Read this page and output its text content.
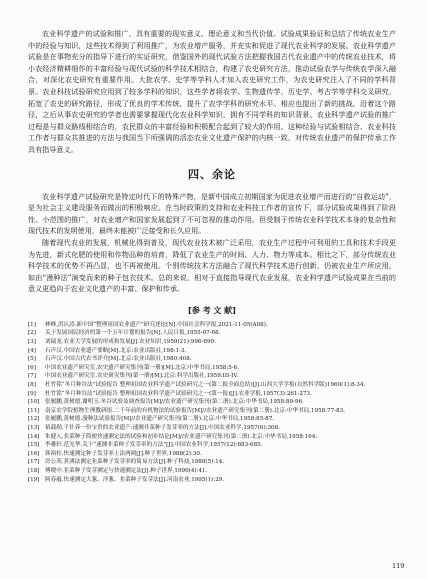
农业科学遗产的试验和推广，具有重要的现实意义、理论意义和当代价值。试验成果验证和总结了传统农业生产中的经验与知识，这些技术得到了利用推广，为农业增产服务，并充实和促进了现代农业科学的发展。农业科学遗产试验是在事物充分的指导下进行的实证研究，借鉴国外的现代试验方法把握我国古代农业遗产中的传统农业技术，将小农经济精耕细作的丰富经验与现代试验的科学技术相结合，构建了农史研究方法，推动试验农学与传统农学深入融合，对深化农史研究有重要作用。大批农学、史学等学科人才加入农史研究工作，为农史研究注入了不同的学科背景。农业科技试验研究应用到了较多学科的知识，这些学者将农学、生物遗传学、历史学、考古学等学科交叉研究，拓宽了农史的研究路径，形成了优良的学术传统，提升了农学学科的研究水平。相应也提出了新的挑战，沿着这个路径，之后从事农史研究的学者也需要掌握现代化农业科学知识，拥有不同学科的知识背景。农业科学遗产试验的推广过程是与群众路线相结合的，农民群众的丰富经验和积极配合起到了较大的作用。这种经验与试验相结合、农业科技工作者与群众共推进的方法与我国当下所强调的活态农业文化遗产保护的内核一致，对传统农业遗产的保护传承工作具有指导意义。

四、余论

农业科学遗产试验研究是特定时代下的特殊产物，是新中国成立初期国家为促进农业增产而进行的“自救运动”，是为社会主义建设服务而做出的积极响应。在当时政策的支持和农业科技工作者的宣传下，部分试验成果得到了阶段性、小范围的推广，对农业增产和国家发展起到了不可忽视的推动作用。但受制于传统农业科学技术本身的复杂性和现代技术的发明使用，最终未能被广泛接受和长久应用。

随着现代农业的发展，机械化得到普及，现代农业技术被广泛采用，农业生产过程中可利用的工具和技术手段更为先进，新式化肥的使用和作物品种的培育，降低了农业生产的时间、人力、物力等成本。相比之下，部分传统农业科学技术的优势不再凸显，也不再被使用。个别传统技术方法融合了现代科学技术进行创新，仍被农业生产所应用，如由“漫种法”演变而来的种子包衣技术。总的来说，相对于直接指导现代农业发展，农业科学遗产试验成果在当前的意义更趋向于农业文化遗产的丰富、保护和传承。

[参 考 文 献]
[1]	林峰,洪认涛.新中国“整理祖国农业遗产”研究述论[N].中国社会科学报,2021-11-05(A08).
[2]	关于发展国民经济的第一个五年计划的报告[N].人民日报,1955-07-08.
[3]	刘瑞龙.农业大学发展的形成和发展[J].农业知识,1959(21):996-699.
[4]	石声汉.中国农业遗产要略[M].北京:农业出版社,198:1-3.
[5]	石声汉.中国古代农书评介[M].北京:农业出版社,1980:408.
[6]	中国农业遗产研究室.农史遗产研究集刊(第一册)[M].北京:中华书局,1958:5-6.
[7]	中国农业遗产研究室.农史研究集刊(第一册)[M].北京:科学出版社,1959:III-IV.
[8]	杜竹铭“冬月种谷法”试验报告 整理祖国农业科学遗产试验研究之一(第二报全面总结)[J].山西大学学报(自然科学版)1960(1):8-34.
[9]	杜竹铭“冬月种谷法”试验报告 整理祖国农业科学遗产试验研究之一(第一报)[J].农业学报,1957(3):261-273.
[10] 张履鹏,黄树德,谢明玉.冬谷试验及调查报告[M]//农业遗产研究集刊(第二册).北京:中华书局,1958:89-96.
[11] 南京农学院植物生理教研组.二千年前的有机物法的试验报告[M]//农业遗产研究集刊(第二册).北京:中华书局,1958:77-83.
[12] 张履鹏,黄树德.漫种法试验报告[M]//农业遗产研究集刊(第二册).北京:中华书局,1958:85-87.
[13] 裕载勋.千针养一份宝贵的农业遗产:速测非菜种子发芽率的方法[J].中国农业科学,1957(6):308.
[14] 朱健人.韭菜种子简便快速测定法的试验和初步结论[M]//农业遗产研究集刊(第二册).北京:中华书局,1958:164.
[15] 李蕃轩.范光华.关于“速测非菜种子发芽率的方法”[J].中国农业科学,1957(12):683-685.
[16] 韩裕柱.快速测定种子发芽率土法两则[J].种子世界,1988(2):30.
[17] 房公英.煮沸法测定韭菜种子发芽率的简易方法[J].种子科技,1988(5):14.
[18] 傅晓中.韭菜种子发芽测定与快速测定法[J].种子世界,1990(4):41.
[19] 阿春蕴.快速测定大葱、洋葱、韭菜种子发芽法[J].河南农业,1995(1):29.
119
